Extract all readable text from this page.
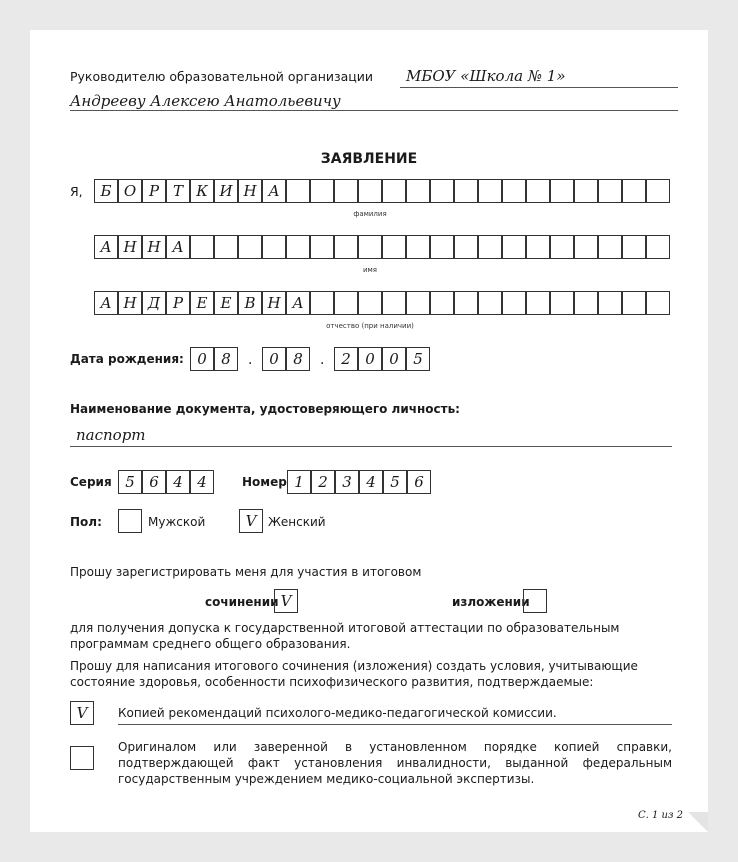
Руководителю образовательной организации МБОУ «Школа № 1»
Андрееву Алексею Анатольевичу
ЗАЯВЛЕНИЕ
Я,	Б О Р Т К И Н А
фамилия
А Н Н А
имя
А Н Д Р Е Е В Н А
отчество (при наличии)
Дата рождения: 0 8	.	0 8	.	2 0 0 5
Наименование документа, удостоверяющего личность:
паспорт
Серия 5 6 4 4	Номер 1 2 3 4 5 6
Пол:	Мужской	V Женский
Прошу зарегистрировать меня для участия в итоговом
сочинении V	изложении
для получения допуска к государственной итоговой аттестации по образовательным программам среднего общего образования.
Прошу для написания итогового сочинения (изложения) создать условия, учитывающие состояние здоровья, особенности психофизического развития, подтверждаемые:
V	Копией рекомендаций психолого-медико-педагогической комиссии.
Оригиналом или заверенной в установленном порядке копией справки, подтверждающей факт установления инвалидности, выданной федеральным государственным учреждением медико-социальной экспертизы.
С. 1 из 2
